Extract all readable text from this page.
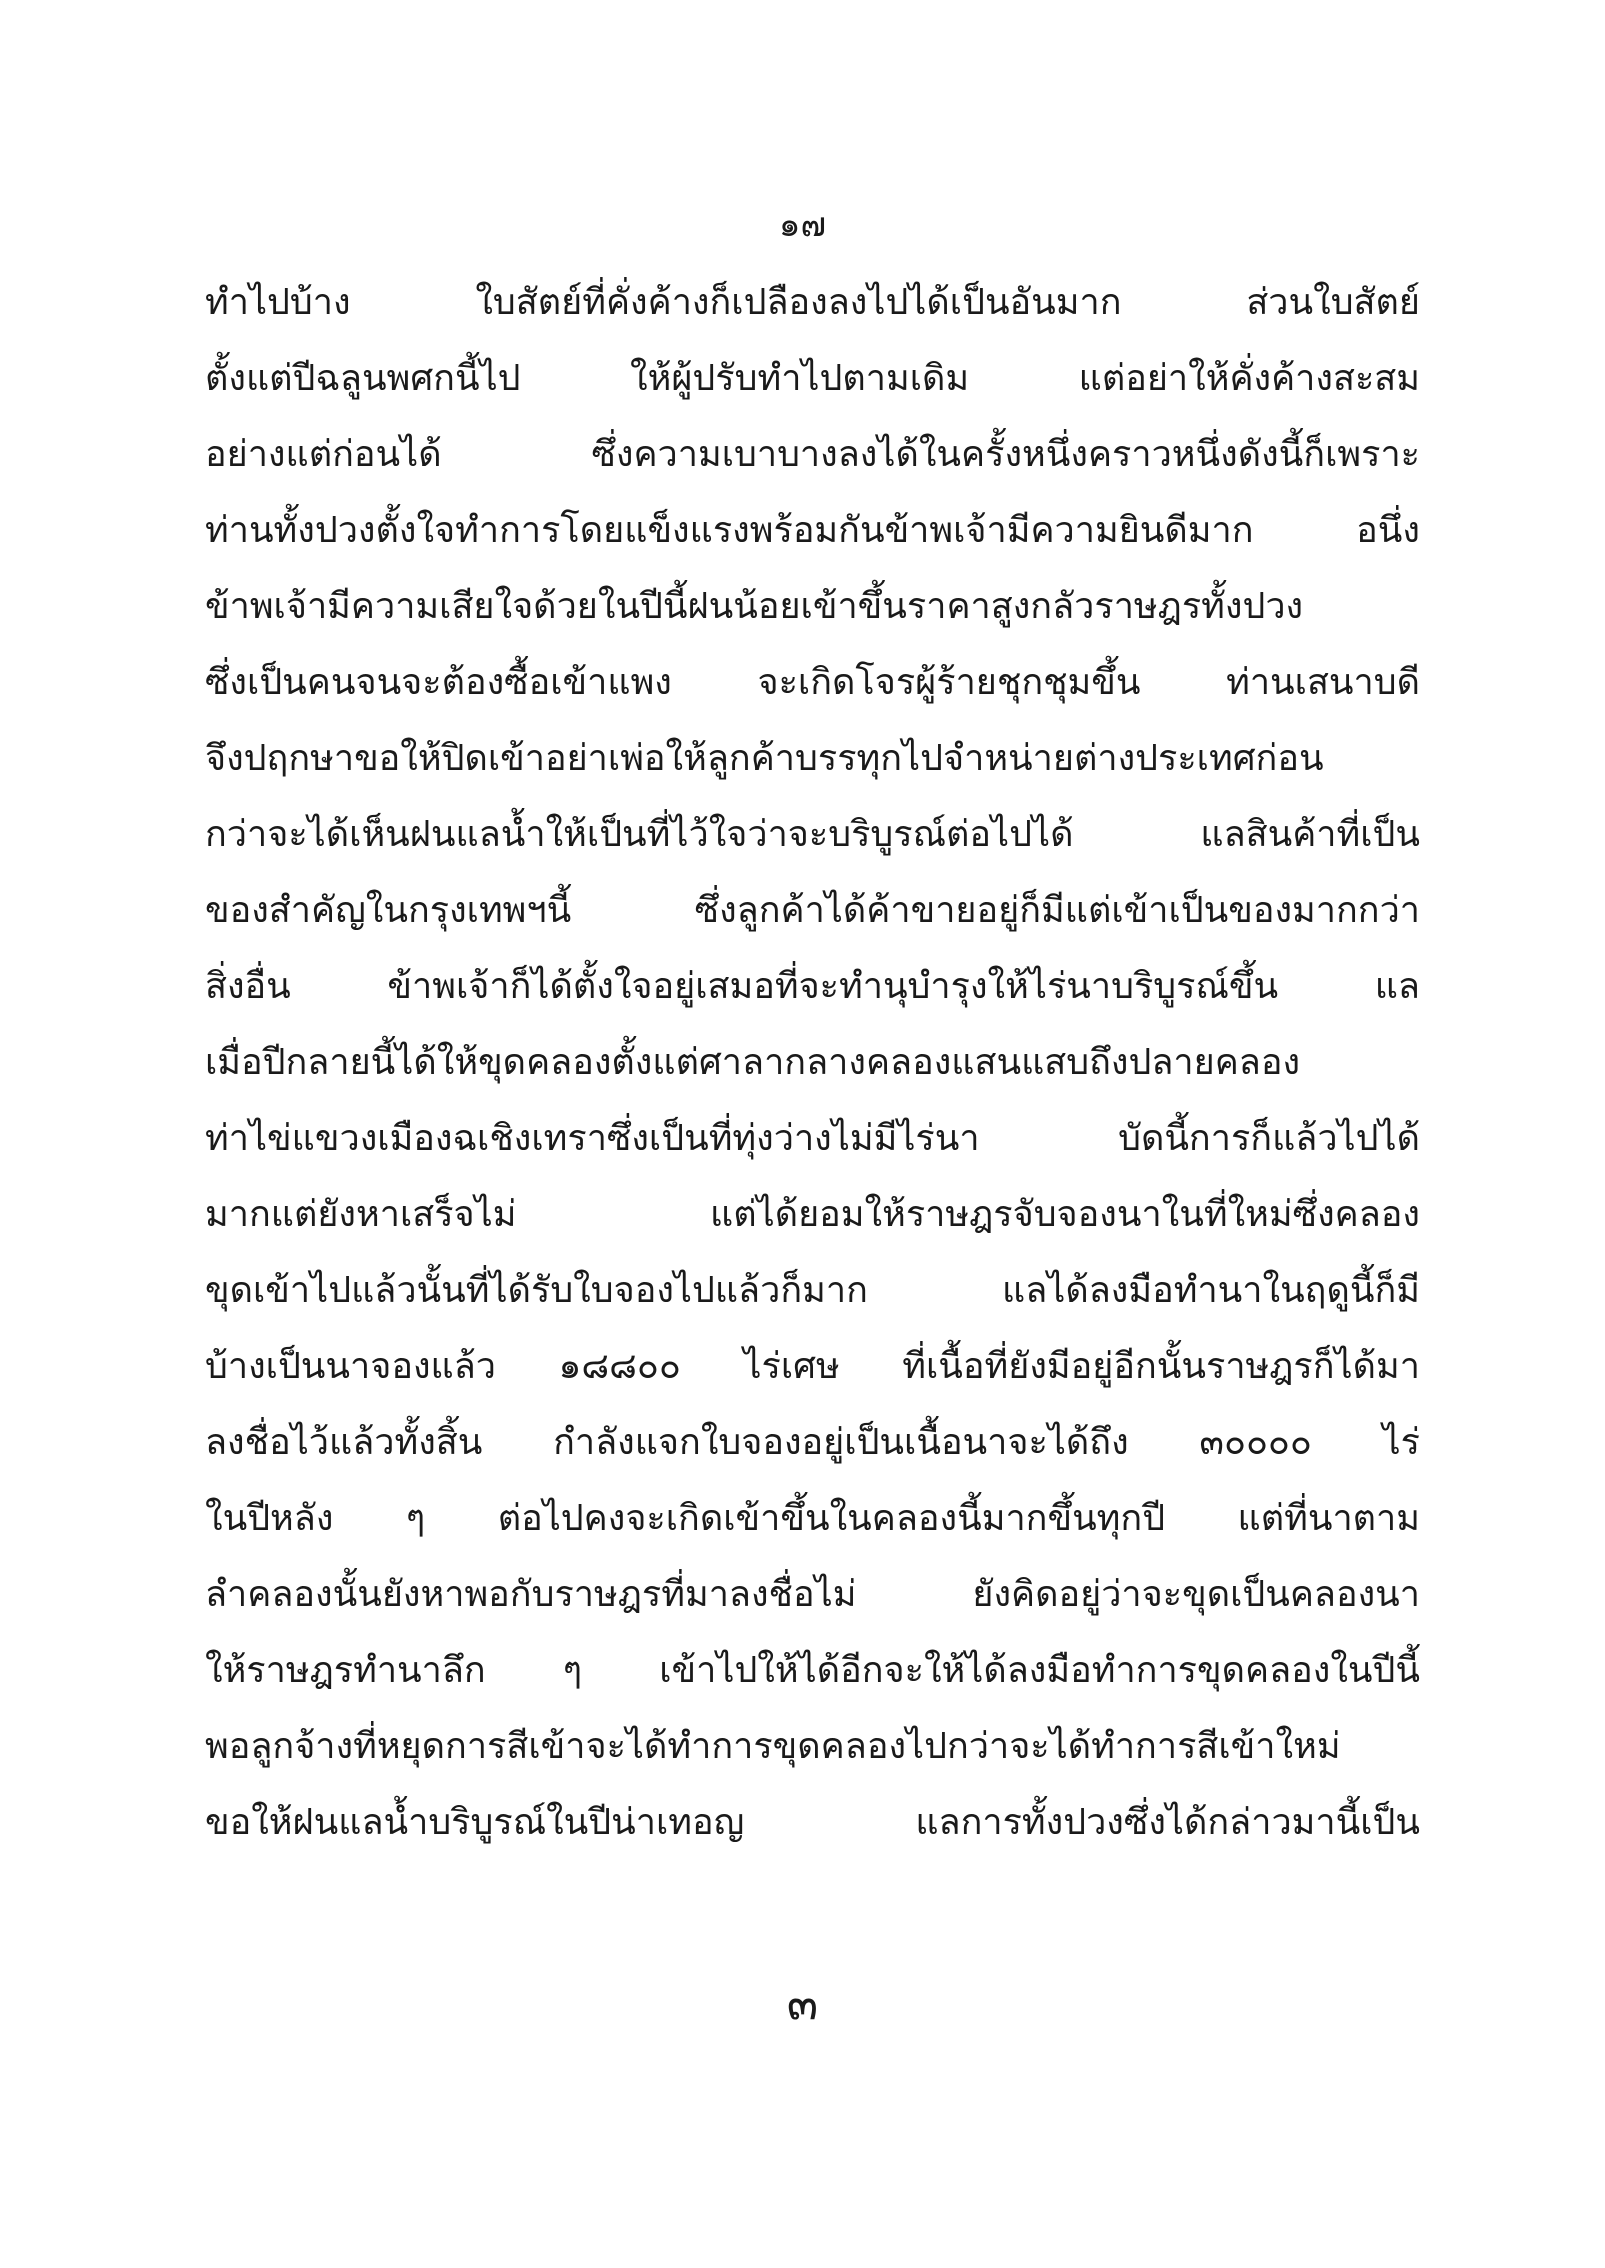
๑๗
ทำไปบ้าง ใบสัตย์ที่คั่งค้างก็เปลืองลงไปได้เป็นอันมาก ส่วนใบสัตย์
ตั้งแต่ปีฉลูนพศกนี้ไป ให้ผู้ปรับทำไปตามเดิม แต่อย่าให้คั่งค้างสะสม
อย่างแต่ก่อนได้ ซึ่งความเบาบางลงได้ในครั้งหนึ่งคราวหนึ่งดังนี้ก็เพราะ
ท่านทั้งปวงตั้งใจทำการโดยแข็งแรงพร้อมกันข้าพเจ้ามีความยินดีมาก อนึ่ง
ข้าพเจ้ามีความเสียใจด้วยในปีนี้ฝนน้อยเข้าขึ้นราคาสูงกลัวราษฎรทั้งปวง
ซึ่งเป็นคนจนจะต้องซื้อเข้าแพง จะเกิดโจรผู้ร้ายชุกชุมขึ้น ท่านเสนาบดี
จึงปฤกษาขอให้ปิดเข้าอย่าเพ่อให้ลูกค้าบรรทุกไปจำหน่ายต่างประเทศก่อน
กว่าจะได้เห็นฝนแลน้ำให้เป็นที่ไว้ใจว่าจะบริบูรณ์ต่อไปได้ แลสินค้าที่เป็น
ของสำคัญในกรุงเทพฯนี้ ซึ่งลูกค้าได้ค้าขายอยู่ก็มีแต่เข้าเป็นของมากกว่า
สิ่งอื่น ข้าพเจ้าก็ได้ตั้งใจอยู่เสมอที่จะทำนุบำรุงให้ไร่นาบริบูรณ์ขึ้น แล
เมื่อปีกลายนี้ได้ให้ขุดคลองตั้งแต่ศาลากลางคลองแสนแสบถึงปลายคลอง
ท่าไข่แขวงเมืองฉเชิงเทราซึ่งเป็นที่ทุ่งว่างไม่มีไร่นา บัดนี้การก็แล้วไปได้
มากแต่ยังหาเสร็จไม่ แต่ได้ยอมให้ราษฎรจับจองนาในที่ใหม่ซึ่งคลอง
ขุดเข้าไปแล้วนั้นที่ได้รับใบจองไปแล้วก็มาก แลได้ลงมือทำนาในฤดูนี้ก็มี
บ้างเป็นนาจองแล้ว ๑๘๘๐๐ ไร่เศษ ที่เนื้อที่ยังมีอยู่อีกนั้นราษฎรก็ได้มา
ลงชื่อไว้แล้วทั้งสิ้น กำลังแจกใบจองอยู่เป็นเนื้อนาจะได้ถึง ๓๐๐๐๐ ไร่
ในปีหลัง ๆ ต่อไปคงจะเกิดเข้าขึ้นในคลองนี้มากขึ้นทุกปี แต่ที่นาตาม
ลำคลองนั้นยังหาพอกับราษฎรที่มาลงชื่อไม่ ยังคิดอยู่ว่าจะขุดเป็นคลองนา
ให้ราษฎรทำนาลึก ๆ เข้าไปให้ได้อีกจะให้ได้ลงมือทำการขุดคลองในปีนี้
พอลูกจ้างที่หยุดการสีเข้าจะได้ทำการขุดคลองไปกว่าจะได้ทำการสีเข้าใหม่
ขอให้ฝนแลน้ำบริบูรณ์ในปีน่าเทอญ แลการทั้งปวงซึ่งได้กล่าวมานี้เป็น
๓
